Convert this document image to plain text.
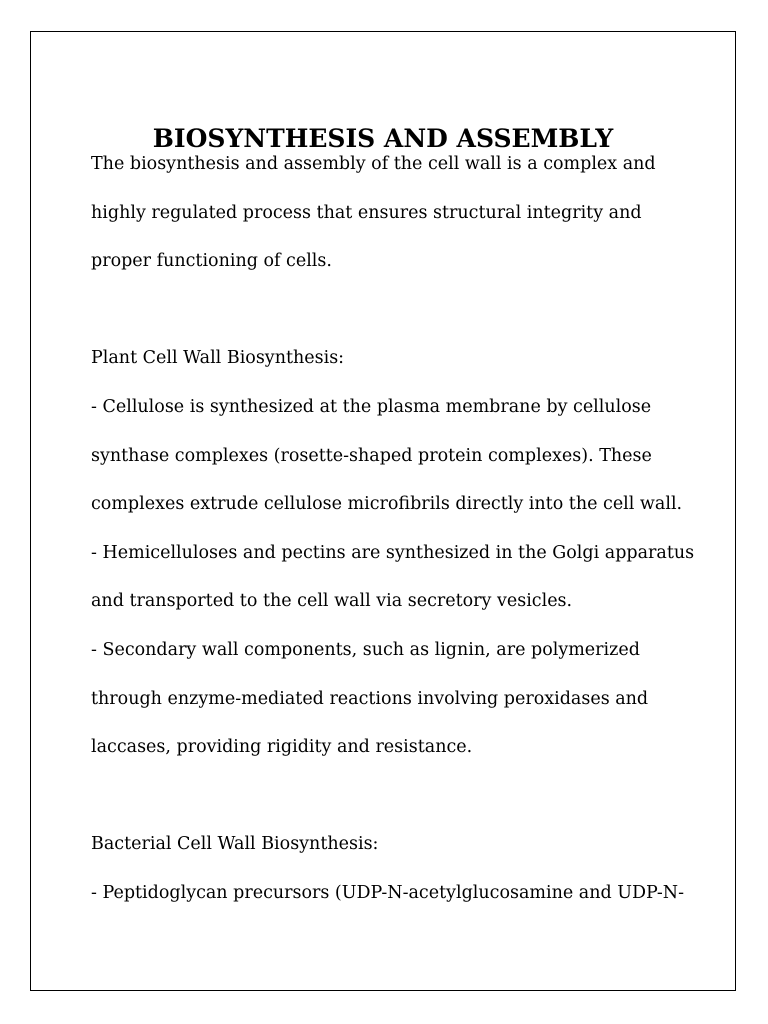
BIOSYNTHESIS AND ASSEMBLY
The biosynthesis and assembly of the cell wall is a complex and
highly regulated process that ensures structural integrity and
proper functioning of cells.
Plant Cell Wall Biosynthesis:
- Cellulose is synthesized at the plasma membrane by cellulose
synthase complexes (rosette-shaped protein complexes). These
complexes extrude cellulose microfibrils directly into the cell wall.
- Hemicelluloses and pectins are synthesized in the Golgi apparatus
and transported to the cell wall via secretory vesicles.
- Secondary wall components, such as lignin, are polymerized
through enzyme-mediated reactions involving peroxidases and
laccases, providing rigidity and resistance.
Bacterial Cell Wall Biosynthesis:
- Peptidoglycan precursors (UDP-N-acetylglucosamine and UDP-N-
